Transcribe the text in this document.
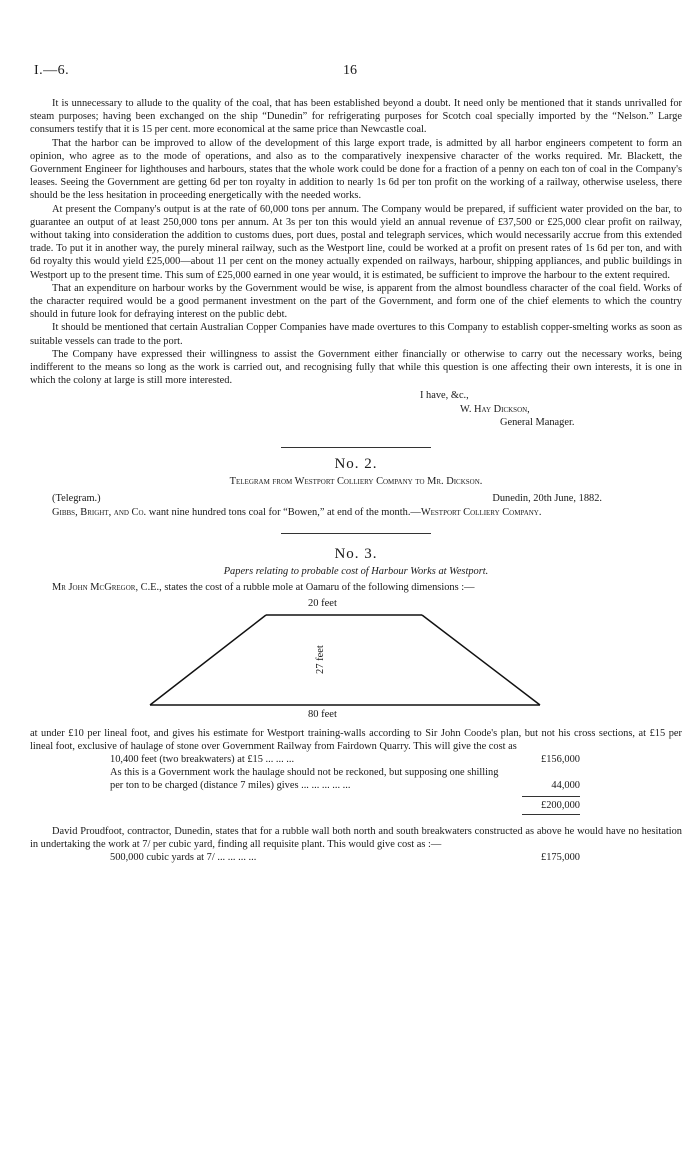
I.—6.	16

It is unnecessary to allude to the quality of the coal, that has been established beyond a doubt. It need only be mentioned that it stands unrivalled for steam purposes; having been exchanged on the ship “Dunedin” for refrigerating purposes for Scotch coal specially imported by the “Nelson.” Large consumers testify that it is 15 per cent. more economical at the same price than Newcastle coal.

That the harbor can be improved to allow of the development of this large export trade, is admitted by all harbor engineers competent to form an opinion, who agree as to the mode of operations, and also as to the comparatively inexpensive character of the works required. Mr. Blackett, the Government Engineer for lighthouses and harbours, states that the whole work could be done for a fraction of a penny on each ton of coal in the Company's leases. Seeing the Government are getting 6d per ton royalty in addition to nearly 1s 6d per ton profit on the working of a railway, otherwise useless, there should be the less hesitation in proceeding energetically with the needed works.

At present the Company's output is at the rate of 60,000 tons per annum. The Company would be prepared, if sufficient water provided on the bar, to guarantee an output of at least 250,000 tons per annum. At 3s per ton this would yield an annual revenue of £37,500 or £25,000 clear profit on railway, without taking into consideration the addition to customs dues, port dues, postal and telegraph services, which would necessarily accrue from this extended trade. To put it in another way, the purely mineral railway, such as the Westport line, could be worked at a profit on present rates of 1s 6d per ton, and with 6d royalty this would yield £25,000—about 11 per cent on the money actually expended on railways, harbour, shipping appliances, and public buildings in Westport up to the present time. This sum of £25,000 earned in one year would, it is estimated, be sufficient to improve the harbour to the extent required.

That an expenditure on harbour works by the Government would be wise, is apparent from the almost boundless character of the coal field. Works of the character required would be a good permanent investment on the part of the Government, and form one of the chief elements to which the country should in future look for defraying interest on the public debt.

It should be mentioned that certain Australian Copper Companies have made overtures to this Company to establish copper-smelting works as soon as suitable vessels can trade to the port.

The Company have expressed their willingness to assist the Government either financially or otherwise to carry out the necessary works, being indifferent to the means so long as the work is carried out, and recognising fully that while this question is one affecting their own interests, it is one in which the colony at large is still more interested.

I have, &c.,
W. Hay Dickson,
General Manager.
No. 2.
Telegram from Westport Colliery Company to Mr. Dickson.
(Telegram.)	Dunedin, 20th June, 1882.

Gibbs, Bright, and Co. want nine hundred tons coal for “Bowen,” at end of the month.—Westport Colliery Company.

No. 3.
Papers relating to probable cost of Harbour Works at Westport.

Mr John McGregor, C.E., states the cost of a rubble mole at Oamaru of the following dimensions :—

20 feet
27 feet
80 feet

at under £10 per lineal foot, and gives his estimate for Westport training-walls according to Sir John Coode's plan, but not his cross sections, at £15 per lineal foot, exclusive of haulage of stone over Government Railway from Fairdown Quarry. This will give the cost as

10,400 feet (two breakwaters) at £15 ... ... ...	£156,000
As this is a Government work the haulage should not be reckoned, but supposing one shilling per ton to be charged (distance 7 miles) gives ... ... ... ... ...	44,000
£200,000

David Proudfoot, contractor, Dunedin, states that for a rubble wall both north and south breakwaters constructed as above he would have no hesitation in undertaking the work at 7/ per cubic yard, finding all requisite plant. This would give cost as :—

500,000 cubic yards at 7/ ... ... ... ...	£175,000
